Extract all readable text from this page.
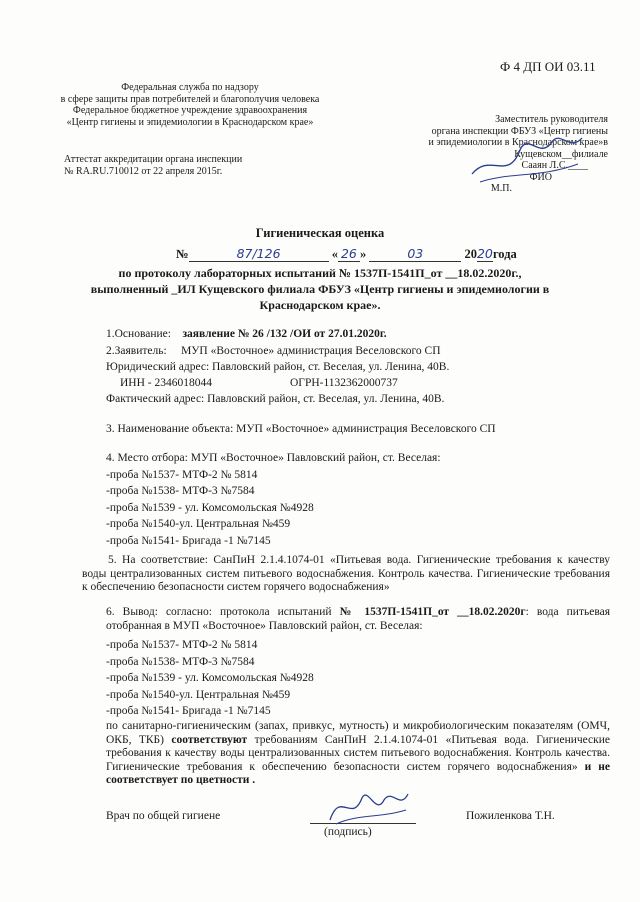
Ф 4 ДП ОИ 03.11
Федеральная служба по надзору
в сфере защиты прав потребителей и благополучия человека
Федеральное бюджетное учреждение здравоохранения
«Центр гигиены и эпидемиологии в Краснодарском крае»
Аттестат аккредитации органа инспекции
№ RA.RU.710012 от 22 апреля 2015г.
Заместитель руководителя
органа инспекции ФБУЗ «Центр гигиены
и эпидемиологии в Краснодарском крае»в
Кущевском__филиале
Сааян Л.С.____
ФИО
М.П.
Гигиеническая оценка
№	87/126	« 26 »	03	2020года
по протоколу лабораторных испытаний № 1537П-1541П_от __18.02.2020г.,
выполненный _ИЛ Кущевского филиала ФБУЗ «Центр гигиены и эпидемиологии в
Краснодарском крае».
1.Основание: заявление № 26 /132 /ОИ от 27.01.2020г.
2.Заявитель: МУП «Восточное» администрация Веселовского СП
Юридический адрес: Павловский район, ст. Веселая, ул. Ленина, 40В.
ИНН - 2346018044	ОГРН-1132362000737
Фактический адрес: Павловский район, ст. Веселая, ул. Ленина, 40В.
3. Наименование объекта: МУП «Восточное» администрация Веселовского СП
4. Место отбора: МУП «Восточное» Павловский район, ст. Веселая:
-проба №1537- МТФ-2 № 5814
-проба №1538- МТФ-3 №7584
-проба №1539 - ул. Комсомольская №4928
-проба №1540-ул. Центральная №459
-проба №1541- Бригада -1 №7145
5. На соответствие: СанПиН 2.1.4.1074-01 «Питьевая вода. Гигиенические требования к качеству воды централизованных систем питьевого водоснабжения. Контроль качества. Гигиенические требования к обеспечению безопасности систем горячего водоснабжения»
6. Вывод: согласно: протокола испытаний № 1537П-1541П_от __18.02.2020г: вода питьевая отобранная в МУП «Восточное» Павловский район, ст. Веселая:
-проба №1537- МТФ-2 № 5814
-проба №1538- МТФ-3 №7584
-проба №1539 - ул. Комсомольская №4928
-проба №1540-ул. Центральная №459
-проба №1541- Бригада -1 №7145
по санитарно-гигиеническим (запах, привкус, мутность) и микробиологическим показателям (ОМЧ, ОКБ, ТКБ) соответствуют требованиям СанПиН 2.1.4.1074-01 «Питьевая вода. Гигиенические требования к качеству воды централизованных систем питьевого водоснабжения. Контроль качества. Гигиенические требования к обеспечению безопасности систем горячего водоснабжения» и не соответствует по цветности .
Врач по общей гигиене	Пожиленкова Т.Н.
(подпись)
